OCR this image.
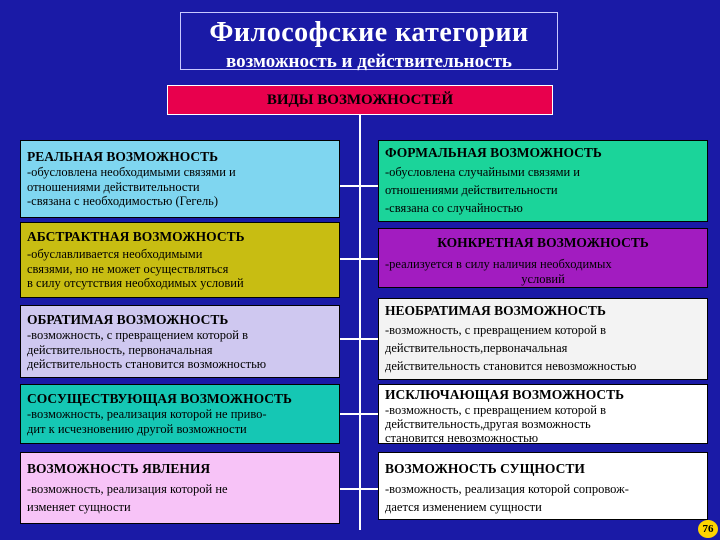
Философские категории
возможность и действительность
ВИДЫ ВОЗМОЖНОСТЕЙ
РЕАЛЬНАЯ ВОЗМОЖНОСТЬ
-обусловлена необходимыми связями и
отношениями действительности
-связана с необходимостью (Гегель)
ФОРМАЛЬНАЯ ВОЗМОЖНОСТЬ
-обусловлена случайными связями и
отношениями действительности
-связана со случайностью
АБСТРАКТНАЯ ВОЗМОЖНОСТЬ
-обуславливается необходимыми
связями, но не может осуществляться
в силу отсутствия необходимых условий
КОНКРЕТНАЯ ВОЗМОЖНОСТЬ
-реализуется в силу наличия необходимых
условий
ОБРАТИМАЯ ВОЗМОЖНОСТЬ
-возможность, с превращением которой в
действительность, первоначальная
действительность становится возможностью
НЕОБРАТИМАЯ ВОЗМОЖНОСТЬ
-возможность, с превращением которой в
действительность,первоначальная
действительность становится невозможностью
СОСУЩЕСТВУЮЩАЯ ВОЗМОЖНОСТЬ
-возможность, реализация которой не приво-
дит к исчезновению другой возможности
ИСКЛЮЧАЮЩАЯ ВОЗМОЖНОСТЬ
-возможность, с превращением которой в
действительность,другая возможность
становится невозможностью
ВОЗМОЖНОСТЬ ЯВЛЕНИЯ
-возможность, реализация которой не
изменяет сущности
ВОЗМОЖНОСТЬ СУЩНОСТИ
-возможность, реализация которой сопровож-
дается изменением сущности
76
